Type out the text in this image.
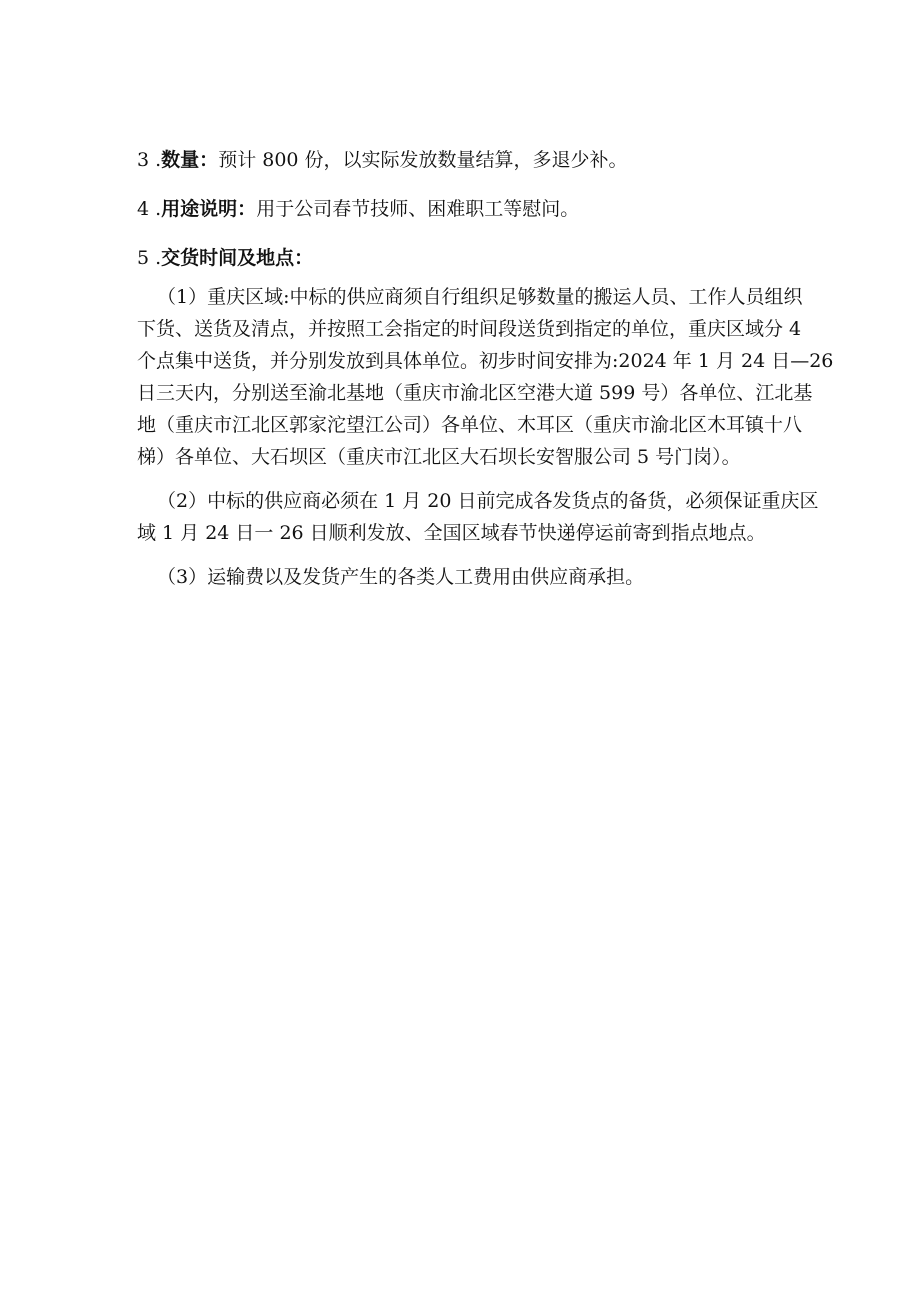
3 .数量：预计 800 份，以实际发放数量结算，多退少补。
4 .用途说明：用于公司春节技师、困难职工等慰问。
5 .交货时间及地点：
（1）重庆区域:中标的供应商须自行组织足够数量的搬运人员、工作人员组织
下货、送货及清点，并按照工会指定的时间段送货到指定的单位，重庆区域分 4
个点集中送货，并分别发放到具体单位。初步时间安排为:2024 年 1 月 24 日—26
日三天内，分别送至渝北基地（重庆市渝北区空港大道 599 号）各单位、江北基
地（重庆市江北区郭家沱望江公司）各单位、木耳区（重庆市渝北区木耳镇十八
梯）各单位、大石坝区（重庆市江北区大石坝长安智服公司 5 号门岗）。
（2）中标的供应商必须在 1 月 20 日前完成各发货点的备货，必须保证重庆区
域 1 月 24 日一 26 日顺利发放、全国区域春节快递停运前寄到指点地点。
（3）运输费以及发货产生的各类人工费用由供应商承担。
